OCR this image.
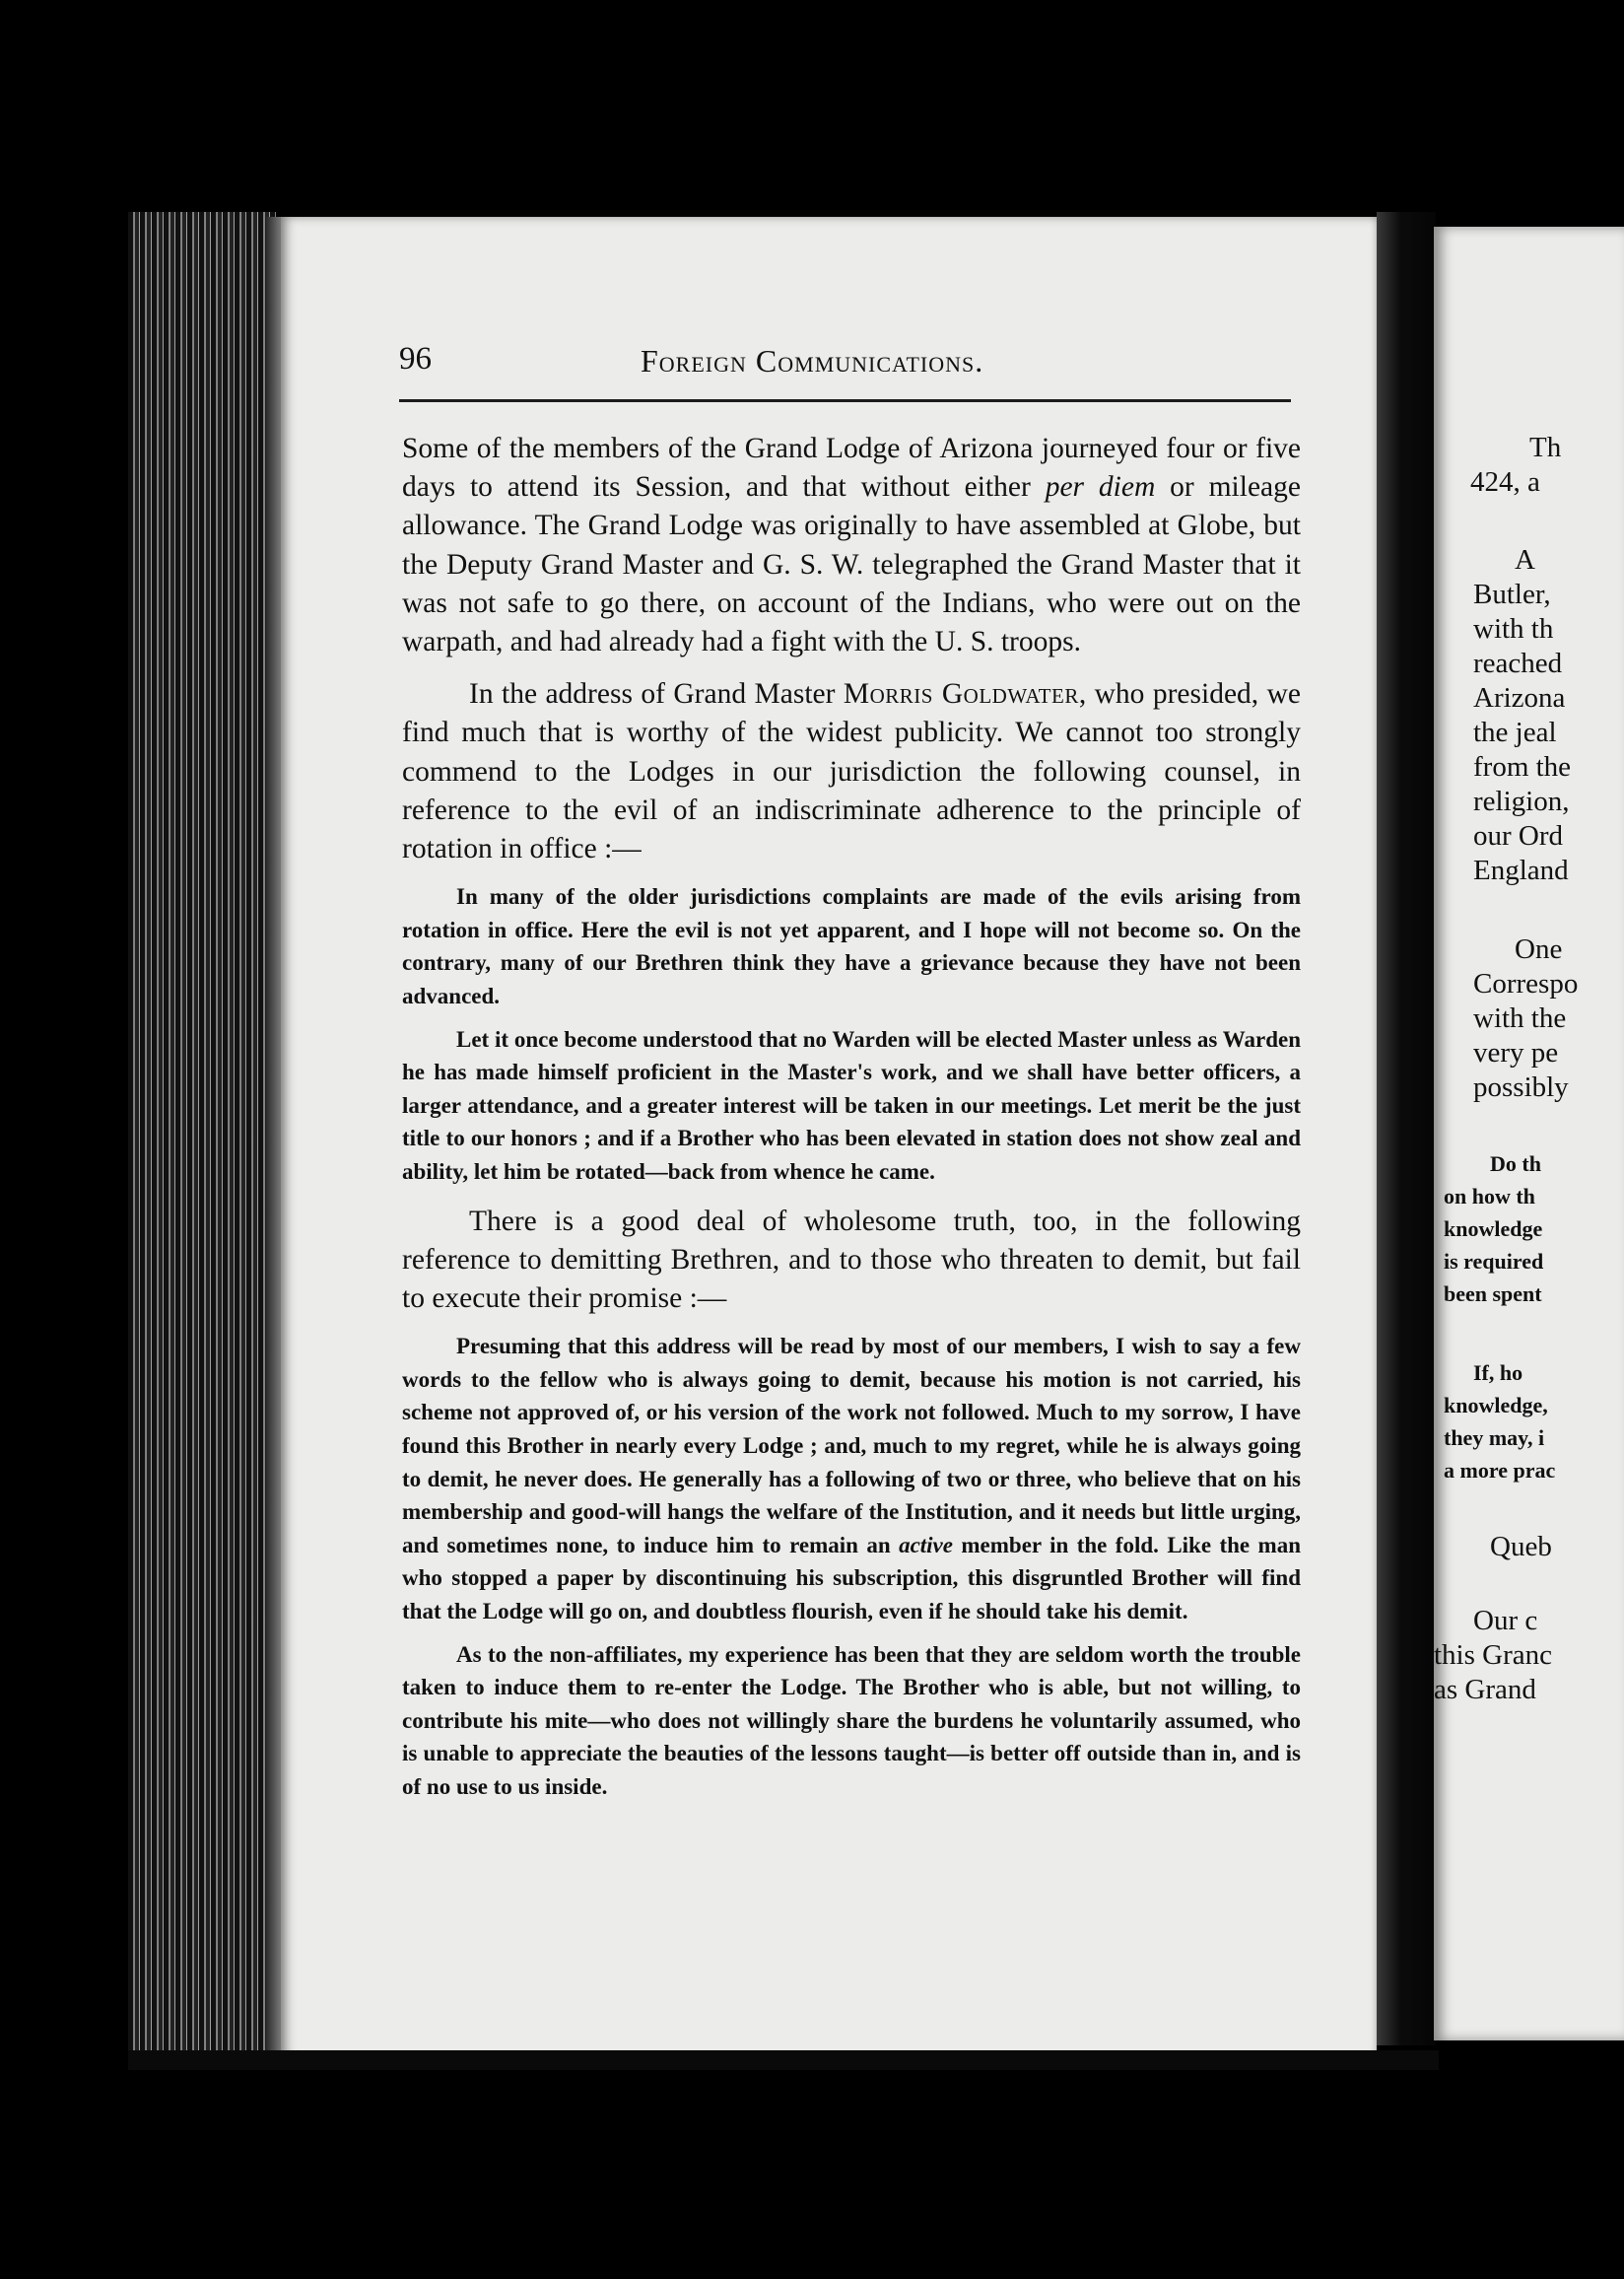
Th
424, a
A
Butler,
with th
reached
Arizona
the jeal
from the
religion,
our Ord
England
One
Correspo
with the
very pe
possibly
Do th
on how th
knowledge
is required
been spent
If, ho
knowledge,
they may, i
a more prac
Queb
Our c
this Granc
as Grand
96	Foreign Communications.

Some of the members of the Grand Lodge of Arizona journeyed four or five days to attend its Session, and that without either per diem or mileage allowance. The Grand Lodge was originally to have assembled at Globe, but the Deputy Grand Master and G. S. W. telegraphed the Grand Master that it was not safe to go there, on account of the Indians, who were out on the warpath, and had already had a fight with the U. S. troops.

In the address of Grand Master Morris Goldwater, who presided, we find much that is worthy of the widest publicity. We cannot too strongly commend to the Lodges in our jurisdiction the following counsel, in reference to the evil of an indiscriminate adherence to the principle of rotation in office :—

In many of the older jurisdictions complaints are made of the evils arising from rotation in office. Here the evil is not yet apparent, and I hope will not become so. On the contrary, many of our Brethren think they have a grievance because they have not been advanced.

Let it once become understood that no Warden will be elected Master unless as Warden he has made himself proficient in the Master's work, and we shall have better officers, a larger attendance, and a greater interest will be taken in our meetings. Let merit be the just title to our honors ; and if a Brother who has been elevated in station does not show zeal and ability, let him be rotated—back from whence he came.

There is a good deal of wholesome truth, too, in the following reference to demitting Brethren, and to those who threaten to demit, but fail to execute their promise :—

Presuming that this address will be read by most of our members, I wish to say a few words to the fellow who is always going to demit, because his motion is not carried, his scheme not approved of, or his version of the work not followed. Much to my sorrow, I have found this Brother in nearly every Lodge ; and, much to my regret, while he is always going to demit, he never does. He generally has a following of two or three, who believe that on his membership and good-will hangs the welfare of the Institution, and it needs but little urging, and sometimes none, to induce him to remain an active member in the fold. Like the man who stopped a paper by discontinuing his subscription, this disgruntled Brother will find that the Lodge will go on, and doubtless flourish, even if he should take his demit.

As to the non-affiliates, my experience has been that they are seldom worth the trouble taken to induce them to re-enter the Lodge. The Brother who is able, but not willing, to contribute his mite—who does not willingly share the burdens he voluntarily assumed, who is unable to appreciate the beauties of the lessons taught—is better off outside than in, and is of no use to us inside.
